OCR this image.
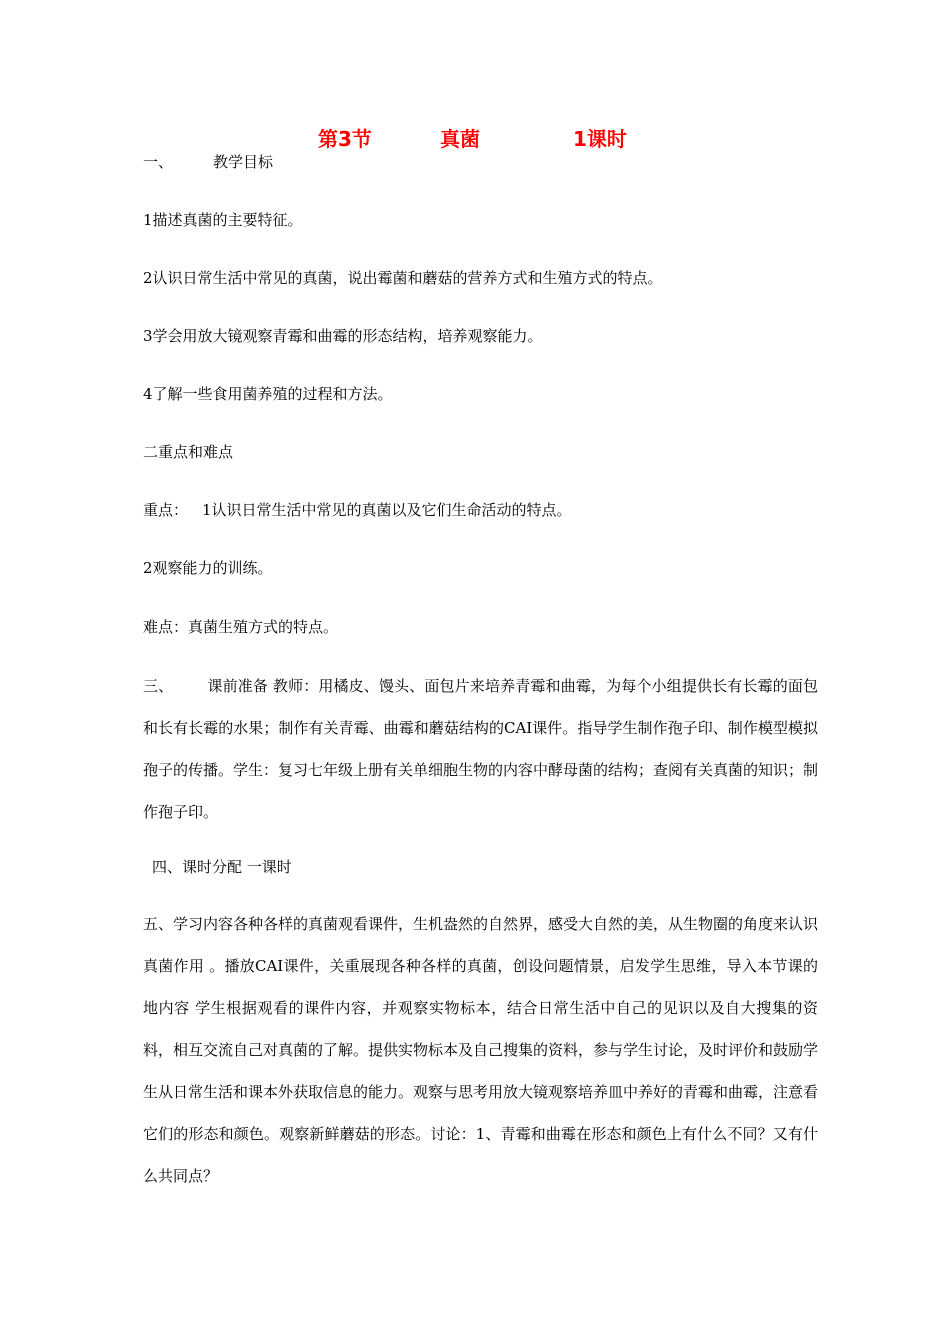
第3节	真菌	1课时
一、	教学目标
1描述真菌的主要特征。
2认识日常生活中常见的真菌，说出霉菌和蘑菇的营养方式和生殖方式的特点。
3学会用放大镜观察青霉和曲霉的形态结构，培养观察能力。
4了解一些食用菌养殖的过程和方法。
二重点和难点
重点： 1认识日常生活中常见的真菌以及它们生命活动的特点。
2观察能力的训练。
难点：真菌生殖方式的特点。
三、 课前准备 教师：用橘皮、馒头、面包片来培养青霉和曲霉，为每个小组提供长有长霉的面包和长有长霉的水果；制作有关青霉、曲霉和蘑菇结构的CAI课件。指导学生制作孢子印、制作模型模拟孢子的传播。学生：复习七年级上册有关单细胞生物的内容中酵母菌的结构；查阅有关真菌的知识；制作孢子印。
四、课时分配 一课时
五、学习内容各种各样的真菌观看课件，生机盎然的自然界，感受大自然的美，从生物圈的角度来认识真菌作用 。播放CAI课件，关重展现各种各样的真菌，创设问题情景，启发学生思维，导入本节课的地内容 学生根据观看的课件内容，并观察实物标本，结合日常生活中自己的见识以及自大搜集的资料，相互交流自己对真菌的了解。提供实物标本及自己搜集的资料，参与学生讨论，及时评价和鼓励学生从日常生活和课本外获取信息的能力。观察与思考用放大镜观察培养皿中养好的青霉和曲霉，注意看它们的形态和颜色。观察新鲜蘑菇的形态。讨论：1、青霉和曲霉在形态和颜色上有什么不同？又有什么共同点？
